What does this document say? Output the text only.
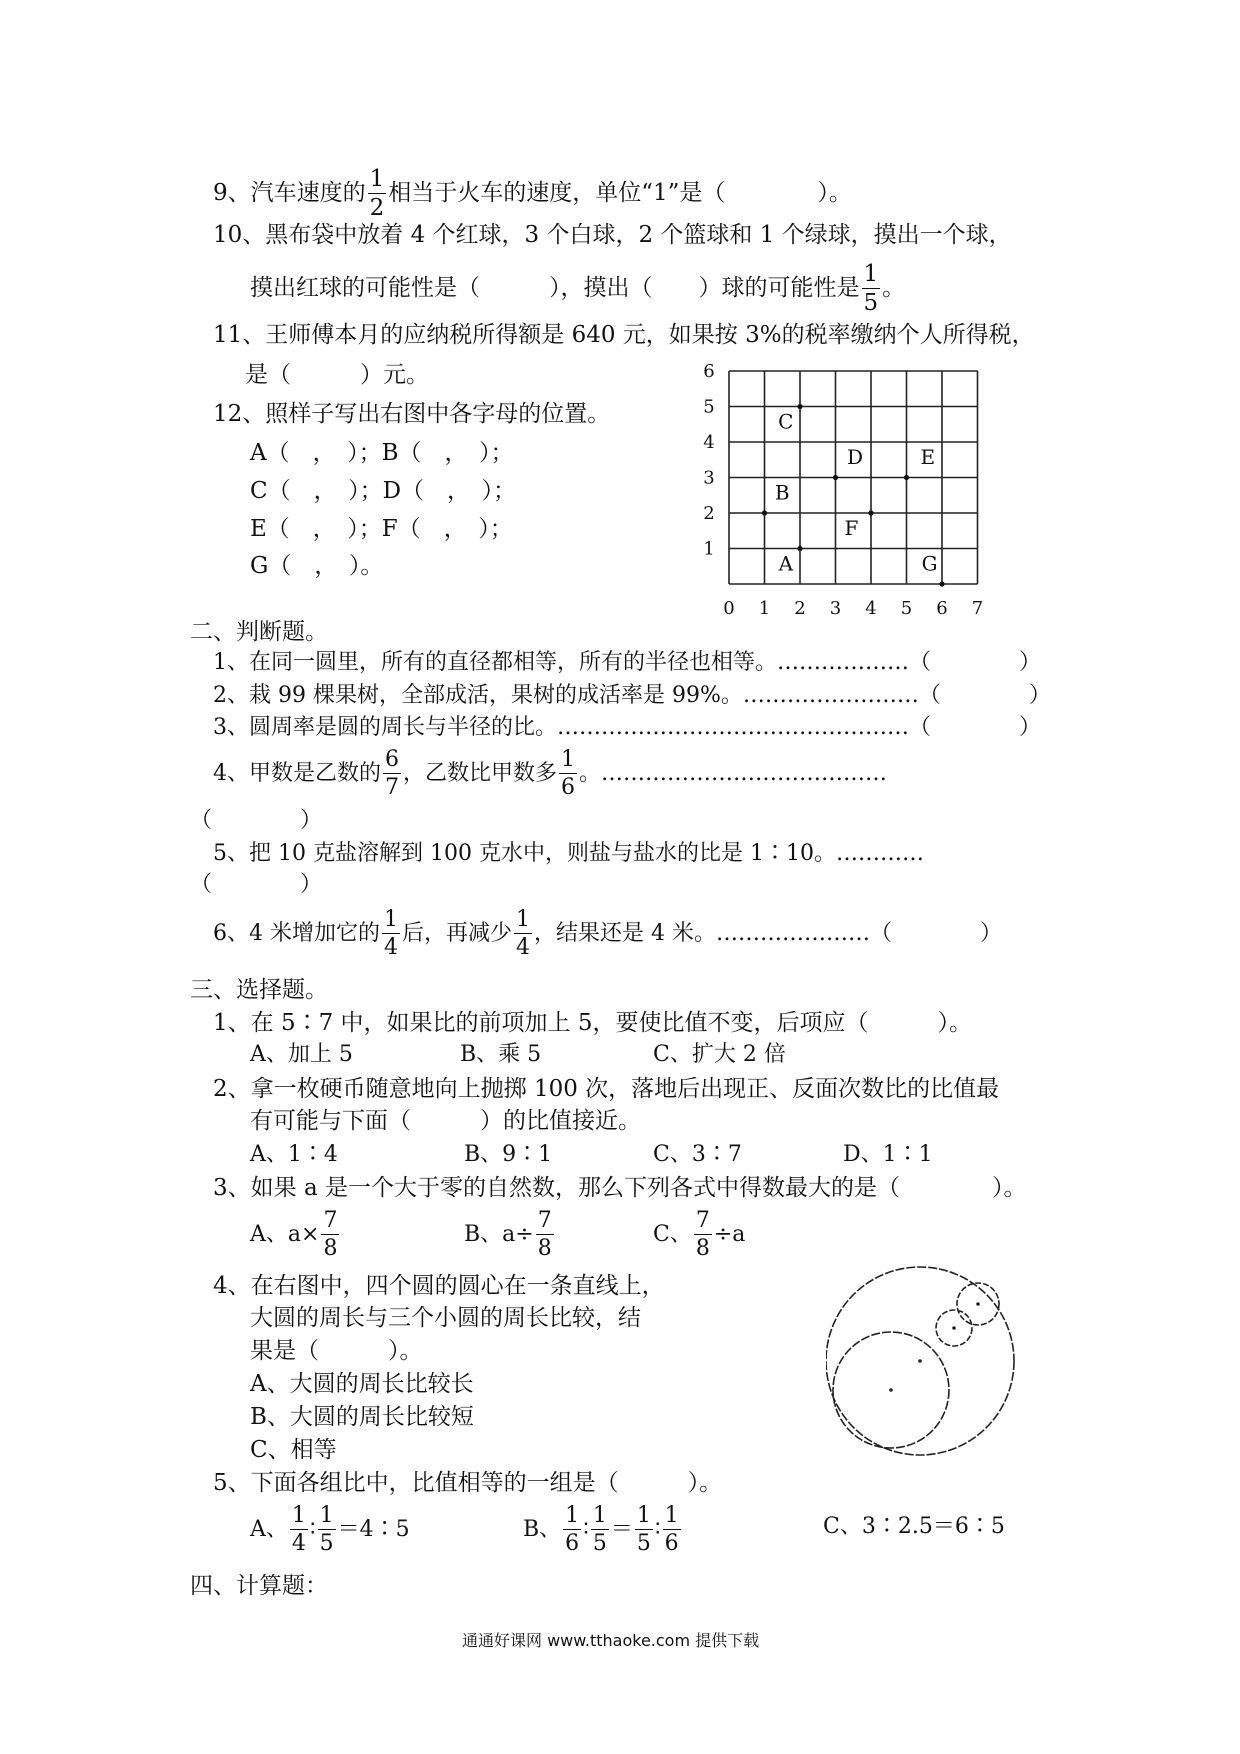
9、汽车速度的 $\frac{1}{2}$ 相当于火车的速度，单位“1”是（　　　　）。
10、黑布袋中放着 4 个红球，3 个白球，2 个篮球和 1 个绿球，摸出一个球，
摸出红球的可能性是（　　　），摸出（　　）球的可能性是 $\frac{1}{5}$ 。
11、王师傅本月的应纳税所得额是 640 元，如果按 3%的税率缴纳个人所得税，
是（　　　）元。
12、照样子写出右图中各字母的位置。
A（　，　）；B（　，　）；
C（　，　）；D（　，　）；
E（　，　）；F（　，　）；
G（　，　）。
0 1 2 3 4 5 6 7
1
2
3
4
5
6
C
D	E
B
F
A	G
二、判断题。
1、在同一圆里，所有的直径都相等，所有的半径也相等。………………（　　　　）
2、栽 99 棵果树，全部成活，果树的成活率是 99%。……………………（　　　　）
3、圆周率是圆的周长与半径的比。…………………………………………（　　　　）
4、甲数是乙数的 $\frac{6}{7}$ ，乙数比甲数多 $\frac{1}{6}$ 。…………………………………
（　　　　）
5、把 10 克盐溶解到 100 克水中，则盐与盐水的比是 1∶10。…………
（　　　　）
6、4 米增加它的 $\frac{1}{4}$ 后，再减少 $\frac{1}{4}$ ，结果还是 4 米。…………………（　　　　）
三、选择题。
1、在 5∶7 中，如果比的前项加上 5，要使比值不变，后项应（　　　）。
A、加上 5	B、乘 5	C、扩大 2 倍
2、拿一枚硬币随意地向上抛掷 100 次，落地后出现正、反面次数比的比值最
有可能与下面（　　　）的比值接近。
A、1∶4	B、9∶1	C、3∶7	D、1∶1
3、如果 a 是一个大于零的自然数，那么下列各式中得数最大的是（　　　　）。
A、$a\times \frac{7}{8}$	B、$a\div \frac{7}{8}$	C、 $\frac{7}{8} \div a$
4、在右图中，四个圆的圆心在一条直线上，
大圆的周长与三个小圆的周长比较，结
果是（　　　）。
A、大圆的周长比较长
B、大圆的周长比较短
C、相等
5、下面各组比中，比值相等的一组是（　　　）。
A、 $\frac{1}{4}$ ∶ $\frac{1}{5}$ ＝4∶5	B、 $\frac{1}{6}$ ∶ $\frac{1}{5} = \frac{1}{5}$ ∶ $\frac{1}{6}$	C、3∶2.5＝6∶5
四、计算题：
通通好课网 www.tthaoke.com 提供下载
